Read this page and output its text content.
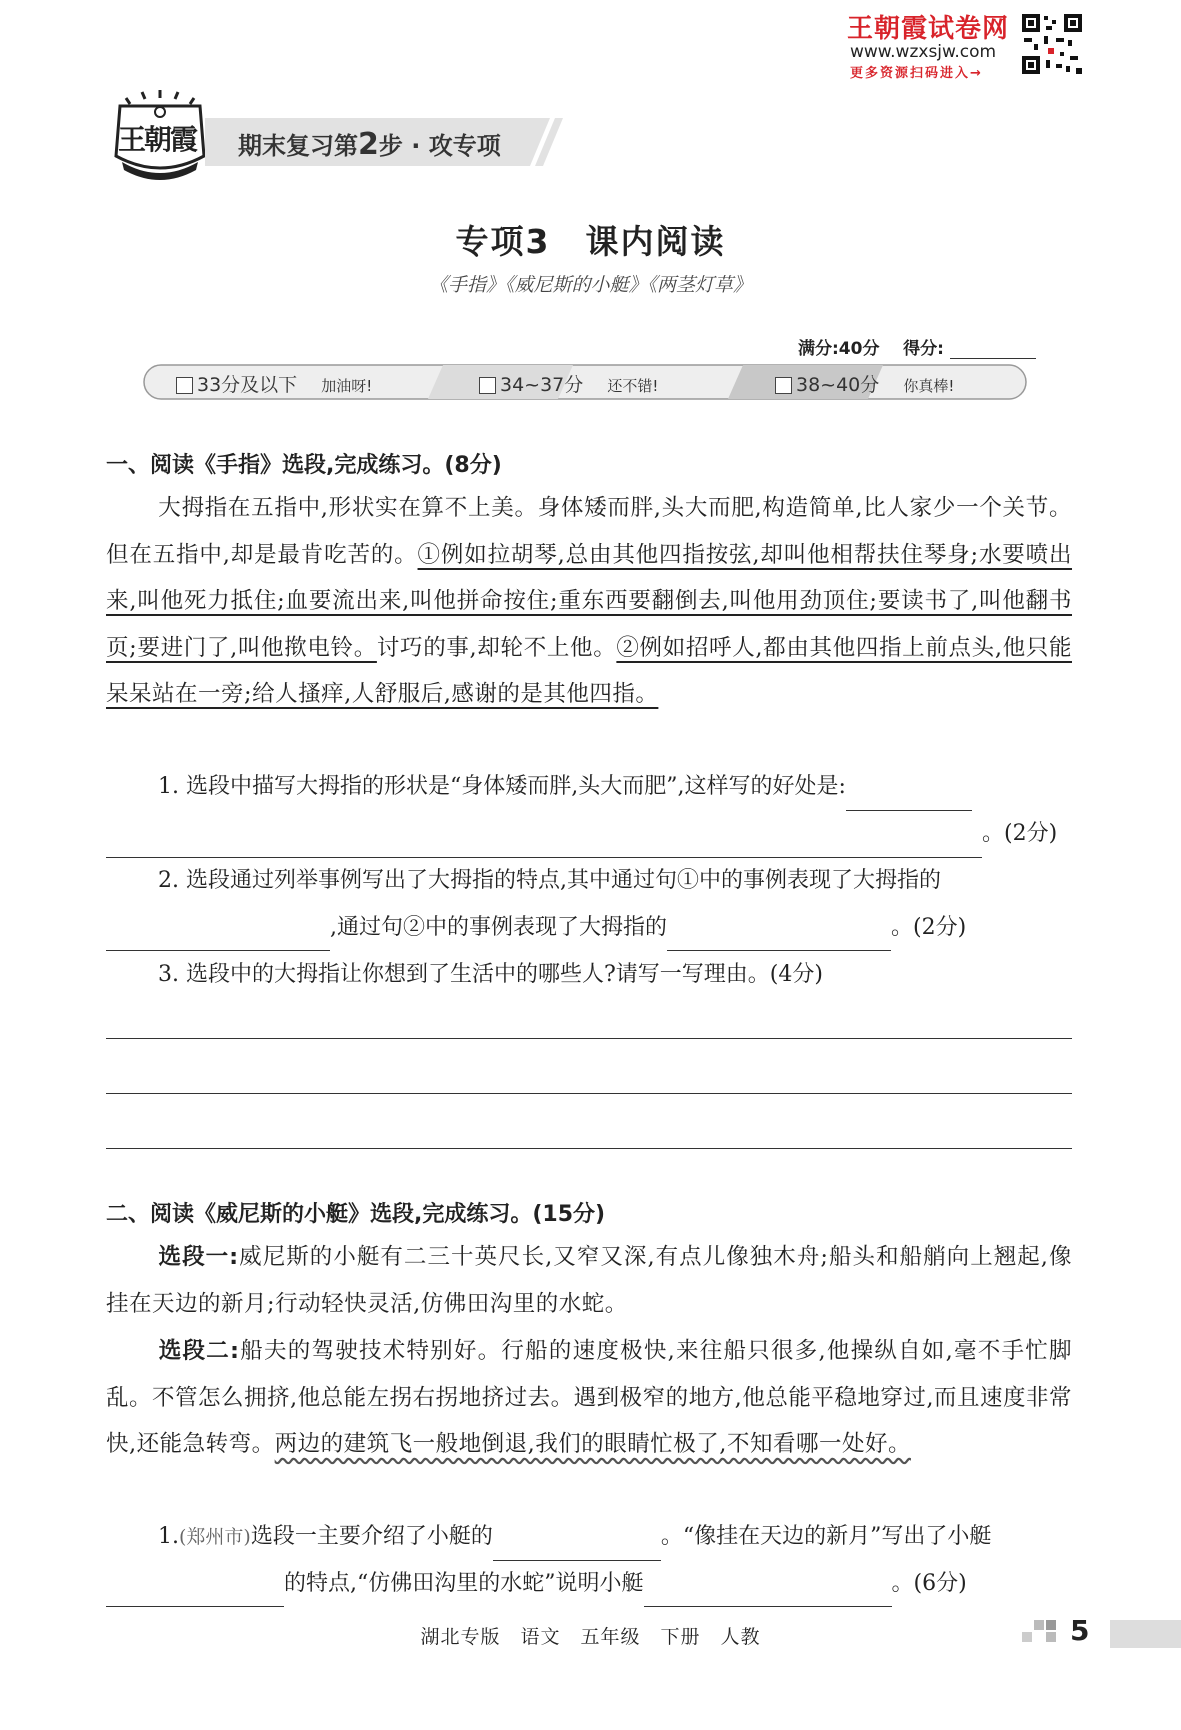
王朝霞试卷网
www.wzxsjw.com
更多资源扫码进入→
王朝霞 期末复习第2步 · 攻专项
专项3　课内阅读
《手指》《威尼斯的小艇》《两茎灯草》
满分:40分 得分:
33分及以下 加油呀!	34~37分 还不错!	38~40分 你真棒!
一、阅读《手指》选段,完成练习。(8分)
大拇指在五指中,形状实在算不上美。身体矮而胖,头大而肥,构造简单,比人家少一个关节。但在五指中,却是最肯吃苦的。①例如拉胡琴,总由其他四指按弦,却叫他相帮扶住琴身;水要喷出来,叫他死力抵住;血要流出来,叫他拼命按住;重东西要翻倒去,叫他用劲顶住;要读书了,叫他翻书页;要进门了,叫他揿电铃。讨巧的事,却轮不上他。②例如招呼人,都由其他四指上前点头,他只能呆呆站在一旁;给人搔痒,人舒服后,感谢的是其他四指。
1. 选段中描写大拇指的形状是“身体矮而胖,头大而肥”,这样写的好处是:
。(2分)
2. 选段通过列举事例写出了大拇指的特点,其中通过句①中的事例表现了大拇指的,通过句②中的事例表现了大拇指的	。(2分)
3. 选段中的大拇指让你想到了生活中的哪些人?请写一写理由。(4分)
二、阅读《威尼斯的小艇》选段,完成练习。(15分)
选段一:威尼斯的小艇有二三十英尺长,又窄又深,有点儿像独木舟;船头和船艄向上翘起,像挂在天边的新月;行动轻快灵活,仿佛田沟里的水蛇。
选段二:船夫的驾驶技术特别好。行船的速度极快,来往船只很多,他操纵自如,毫不手忙脚乱。不管怎么拥挤,他总能左拐右拐地挤过去。遇到极窄的地方,他总能平稳地穿过,而且速度非常快,还能急转弯。两边的建筑飞一般地倒退,我们的眼睛忙极了,不知看哪一处好。
1.(郑州市)选段一主要介绍了小艇的	。“像挂在天边的新月”写出了小艇的特点,“仿佛田沟里的水蛇”说明小艇	。(6分)
湖北专版　语文　五年级　下册　人教	5
